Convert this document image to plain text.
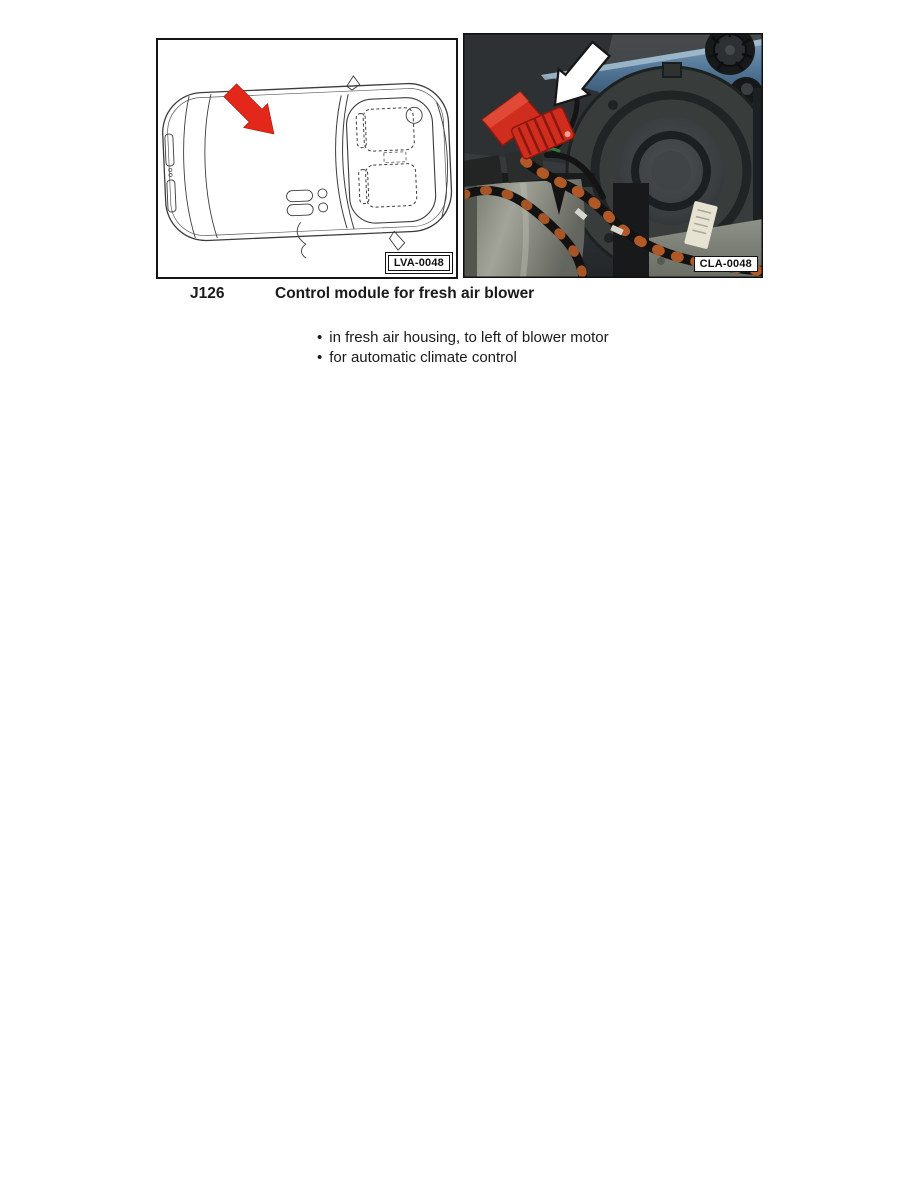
LVA-0048	CLA-0048
J126	Control module for fresh air blower
• in fresh air housing, to left of blower motor
• for automatic climate control
